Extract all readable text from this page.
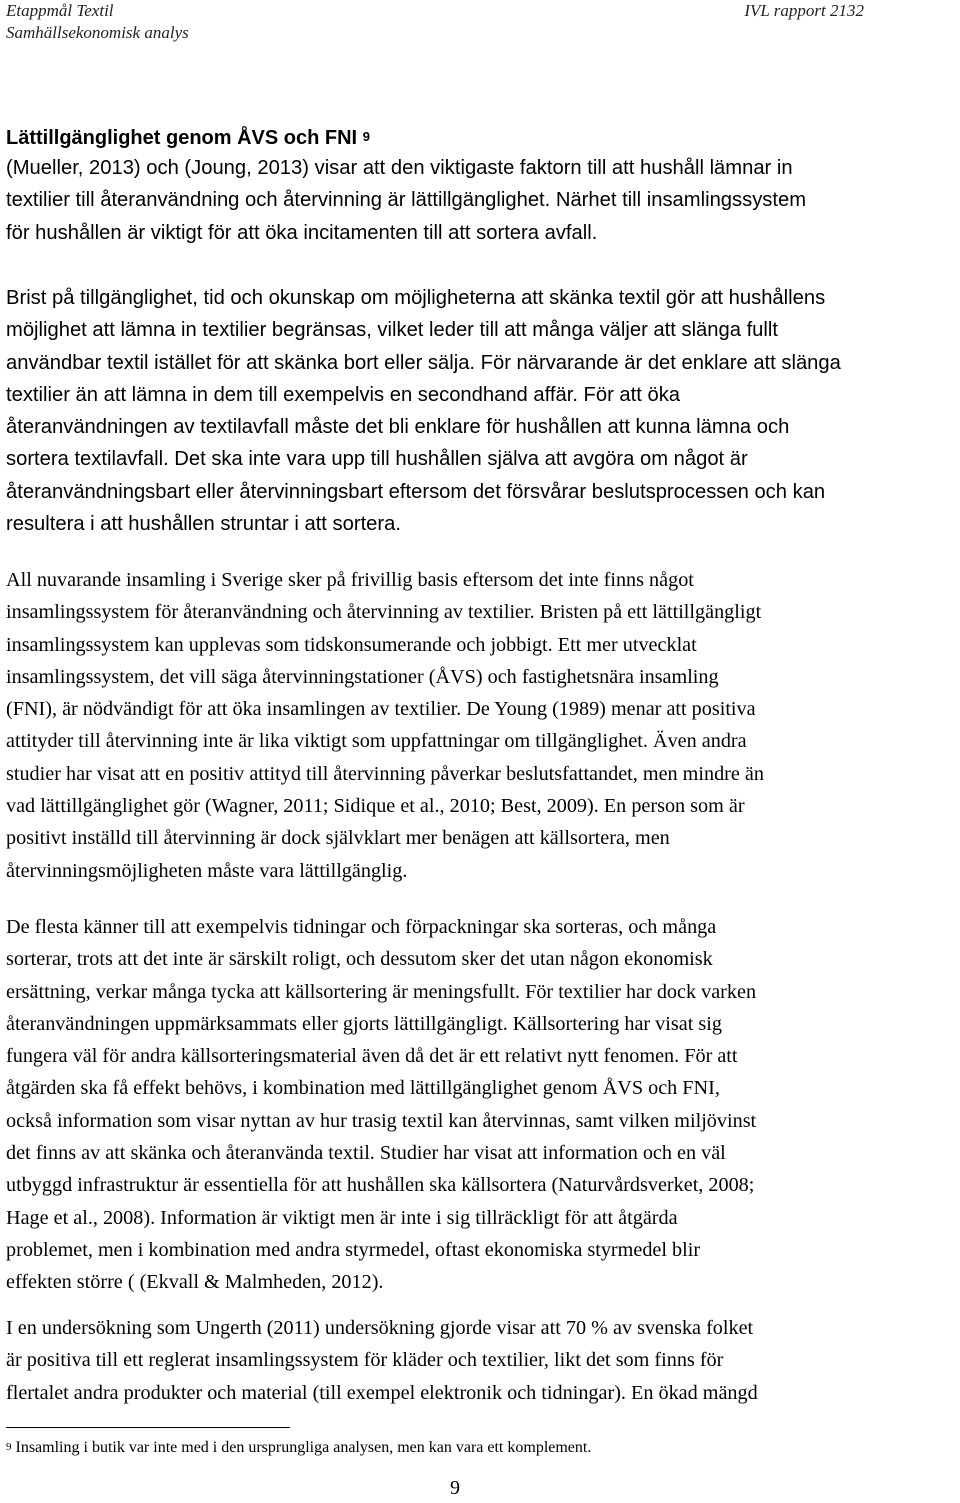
Etappmål Textil
Samhällsekonomisk analys
IVL rapport 2132
Lättillgänglighet genom ÅVS och FNI $^9$

(Mueller, 2013) och (Joung, 2013) visar att den viktigaste faktorn till att hushåll lämnar in
textilier till återanvändning och återvinning är lättillgänglighet. Närhet till insamlingssystem
för hushållen är viktigt för att öka incitamenten till att sortera avfall.

Brist på tillgänglighet, tid och okunskap om möjligheterna att skänka textil gör att hushållens
möjlighet att lämna in textilier begränsas, vilket leder till att många väljer att slänga fullt
användbar textil istället för att skänka bort eller sälja. För närvarande är det enklare att slänga
textilier än att lämna in dem till exempelvis en secondhand affär. För att öka
återanvändningen av textilavfall måste det bli enklare för hushållen att kunna lämna och
sortera textilavfall. Det ska inte vara upp till hushållen själva att avgöra om något är
återanvändningsbart eller återvinningsbart eftersom det försvårar beslutsprocessen och kan
resultera i att hushållen struntar i att sortera.

All nuvarande insamling i Sverige sker på frivillig basis eftersom det inte finns något
insamlingssystem för återanvändning och återvinning av textilier. Bristen på ett lättillgängligt
insamlingssystem kan upplevas som tidskonsumerande och jobbigt. Ett mer utvecklat
insamlingssystem, det vill säga återvinningstationer (ÅVS) och fastighetsnära insamling
(FNI), är nödvändigt för att öka insamlingen av textilier. De Young (1989) menar att positiva
attityder till återvinning inte är lika viktigt som uppfattningar om tillgänglighet. Även andra
studier har visat att en positiv attityd till återvinning påverkar beslutsfattandet, men mindre än
vad lättillgänglighet gör (Wagner, 2011; Sidique et al., 2010; Best, 2009). En person som är
positivt inställd till återvinning är dock självklart mer benägen att källsortera, men
återvinningsmöjligheten måste vara lättillgänglig.

De flesta känner till att exempelvis tidningar och förpackningar ska sorteras, och många
sorterar, trots att det inte är särskilt roligt, och dessutom sker det utan någon ekonomisk
ersättning, verkar många tycka att källsortering är meningsfullt. För textilier har dock varken
återanvändningen uppmärksammats eller gjorts lättillgängligt. Källsortering har visat sig
fungera väl för andra källsorteringsmaterial även då det är ett relativt nytt fenomen. För att
åtgärden ska få effekt behövs, i kombination med lättillgänglighet genom ÅVS och FNI,
också information som visar nyttan av hur trasig textil kan återvinnas, samt vilken miljövinst
det finns av att skänka och återanvända textil. Studier har visat att information och en väl
utbyggd infrastruktur är essentiella för att hushållen ska källsortera (Naturvårdsverket, 2008;
Hage et al., 2008). Information är viktigt men är inte i sig tillräckligt för att åtgärda
problemet, men i kombination med andra styrmedel, oftast ekonomiska styrmedel blir
effekten större ( (Ekvall & Malmheden, 2012).

I en undersökning som Ungerth (2011) undersökning gjorde visar att 70 % av svenska folket
är positiva till ett reglerat insamlingssystem för kläder och textilier, likt det som finns för
flertalet andra produkter och material (till exempel elektronik och tidningar). En ökad mängd

$^9$ Insamling i butik var inte med i den ursprungliga analysen, men kan vara ett komplement.
9
